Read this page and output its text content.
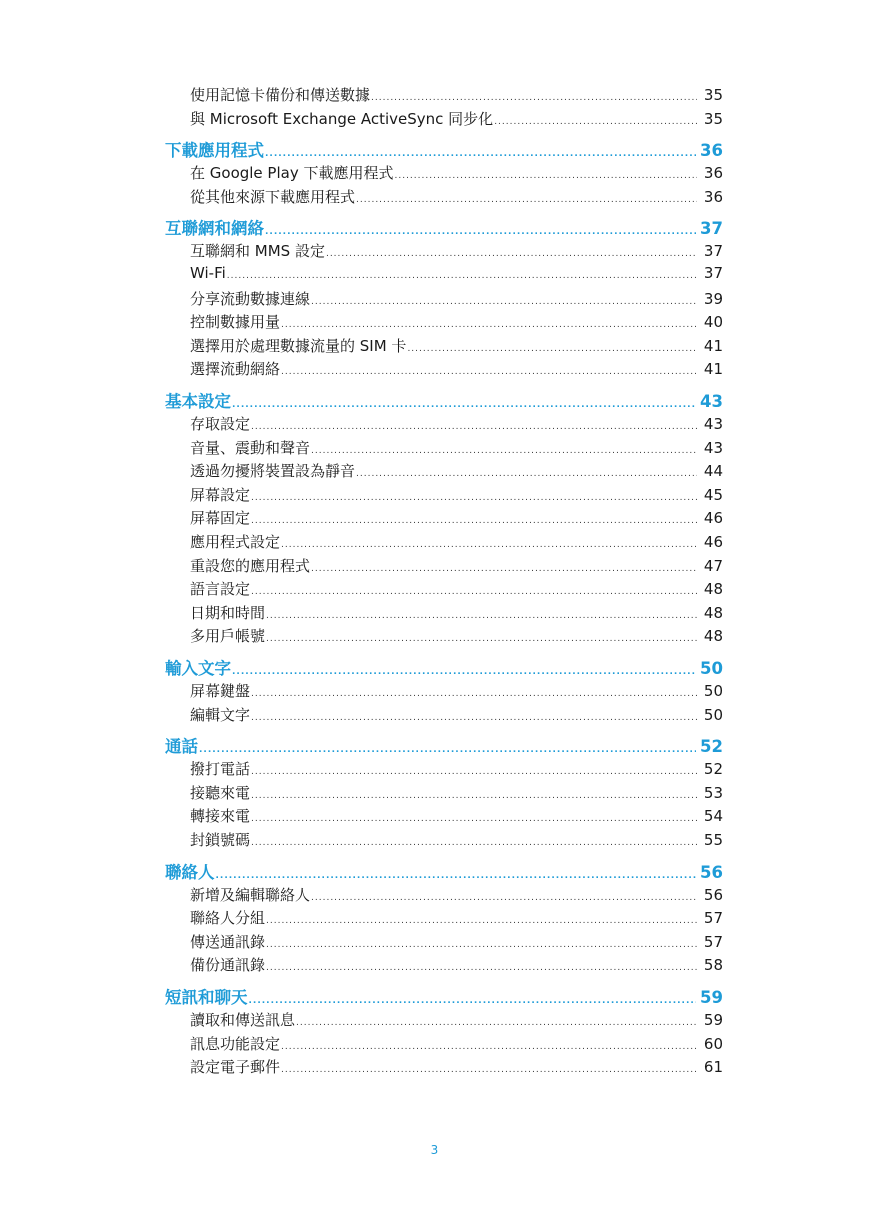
使用記憶卡備份和傳送數據 .....	35
與 Microsoft Exchange ActiveSync 同步化 .....	35
下載應用程式 .....	36
在 Google Play 下載應用程式 .....	36
從其他來源下載應用程式 .....	36
互聯網和網絡 .....	37
互聯網和 MMS 設定 .....	37
Wi-Fi .....	37
分享流動數據連線 .....	39
控制數據用量 .....	40
選擇用於處理數據流量的 SIM 卡 .....	41
選擇流動網絡 .....	41
基本設定 .....	43
存取設定 .....	43
音量、震動和聲音 .....	43
透過勿擾將裝置設為靜音 .....	44
屏幕設定 .....	45
屏幕固定 .....	46
應用程式設定 .....	46
重設您的應用程式 .....	47
語言設定 .....	48
日期和時間 .....	48
多用戶帳號 .....	48
輸入文字 .....	50
屏幕鍵盤 .....	50
編輯文字 .....	50
通話 .....	52
撥打電話 .....	52
接聽來電 .....	53
轉接來電 .....	54
封鎖號碼 .....	55
聯絡人 .....	56
新增及編輯聯絡人 .....	56
聯絡人分組 .....	57
傳送通訊錄 .....	57
備份通訊錄 .....	58
短訊和聊天 .....	59
讀取和傳送訊息 .....	59
訊息功能設定 .....	60
設定電子郵件 .....	61
3
